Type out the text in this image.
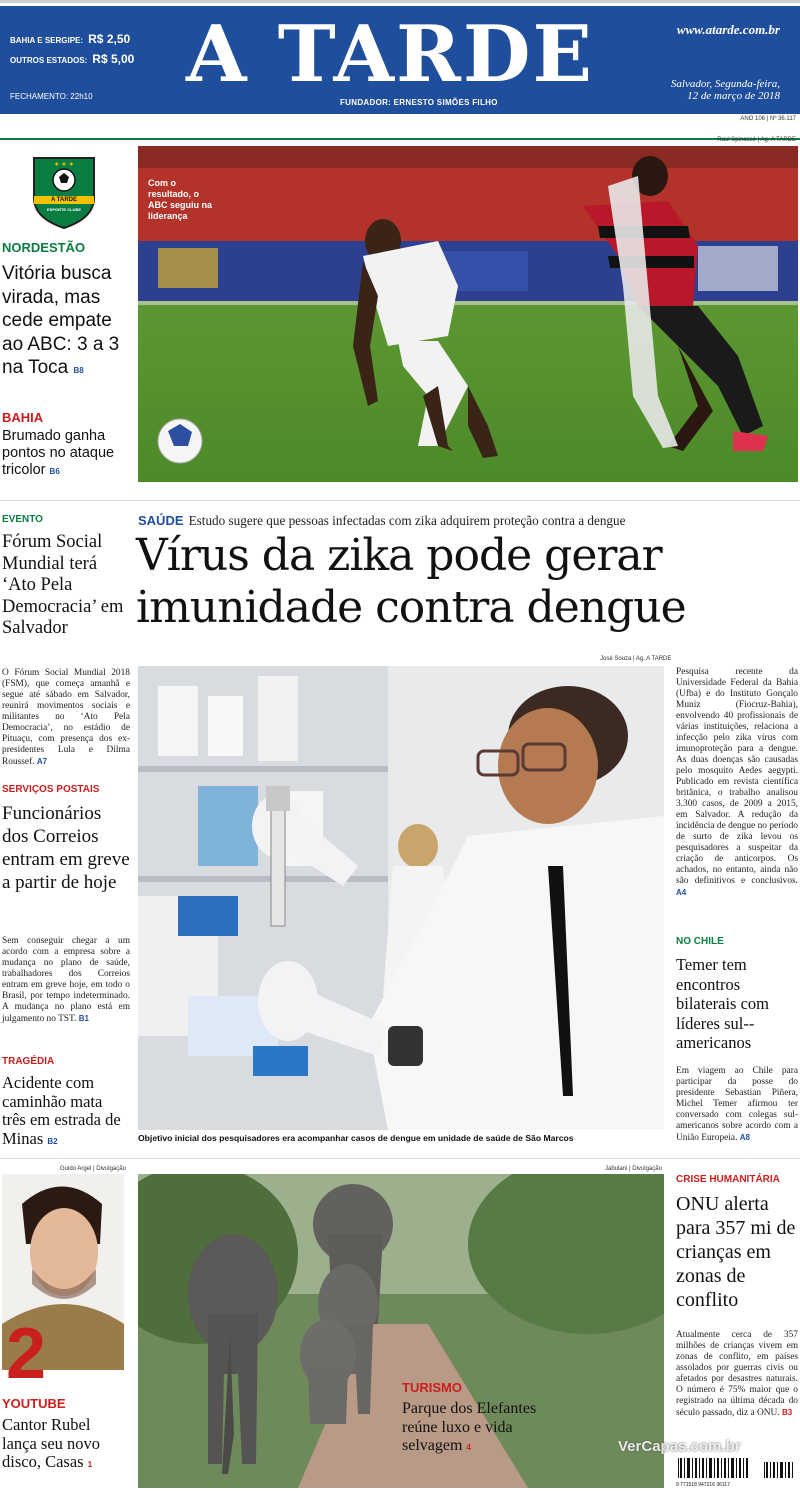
BAHIA E SERGIPE: R$ 2,50
OUTROS ESTADOS: R$ 5,00
FECHAMENTO: 22h10	A TARDE
FUNDADOR: ERNESTO SIMÕES FILHO
www.atarde.com.br
Salvador, Segunda-feira,
12 de março de 2018
ANO 106 | Nº 36.117
★ ★ ★
A TARDE
ESPORTE CLUBE
NORDESTÃO
Vitória busca virada, mas cede empate ao ABC: 3 a 3 na Toca B8
BAHIA
Brumado ganha pontos no ataque tricolor B6
Raul Spinassé | Ag. A TARDE
Com o resultado, o ABC seguiu na liderança
SAÚDE Estudo sugere que pessoas infectadas com zika adquirem proteção contra a dengue
Vírus da zika pode gerar
imunidade contra dengue
EVENTO
Fórum Social Mundial terá ‘Ato Pela Democracia’ em Salvador
O Fórum Social Mundial 2018 (FSM), que começa amanhã e segue até sábado em Salvador, reunirá movimentos sociais e militantes no ‘Ato Pela Democracia’, no estádio de Pituaçu, com presença dos ex-presidentes Lula e Dilma Roussef. A7
SERVIÇOS POSTAIS
Funcionários dos Correios entram em greve a partir de hoje
Sem conseguir chegar a um acordo com a empresa sobre a mudança no plano de saúde, trabalhadores dos Correios entram em greve hoje, em todo o Brasil, por tempo indeterminado. A mudança no plano está em julgamento no TST. B1
TRAGÉDIA
Acidente com caminhão mata três em estrada de Minas B2
José Souza | Ag. A TARDE
Objetivo inicial dos pesquisadores era acompanhar casos de dengue em unidade de saúde de São Marcos
Pesquisa recente da Universidade Federal da Bahia (Ufba) e do Instituto Gonçalo Muniz (Fiocruz-Bahia), envolvendo 40 profissionais de várias instituições, relaciona a infecção pelo zika vírus com imunoproteção para a dengue. As duas doenças são causadas pelo mosquito Aedes aegypti. Publicado em revista científica britânica, o trabalho analisou 3.300 casos, de 2009 a 2015, em Salvador. A redução da incidência de dengue no período de surto de zika levou os pesquisadores a suspeitar da criação de anticorpos. Os achados, no entanto, ainda não são definitivos e conclusivos. A4
NO CHILE
Temer tem encontros bilaterais com líderes sul--americanos
Em viagem ao Chile para participar da posse do presidente Sebastian Piñera, Michel Temer afirmou ter conversado com colegas sul-americanos sobre acordo com a União Europeia. A8
Guido Argel | Divulgação
2
YOUTUBE
Cantor Rubel lança seu novo disco, Casas 1
Jabulani | Divulgação
TURISMO
Parque dos Elefantes reúne luxo e vida selvagem 4
CRISE HUMANITÁRIA
ONU alerta para 357 mi de crianças em zonas de conflito
Atualmente cerca de 357 milhões de crianças vivem em zonas de conflito, em países assolados por guerras civis ou afetados por desastres naturais. O número é 75% maior que o registrado na última década do século passado, diz a ONU. B3
VerCapas.com.br
9 771518 947216 36117
